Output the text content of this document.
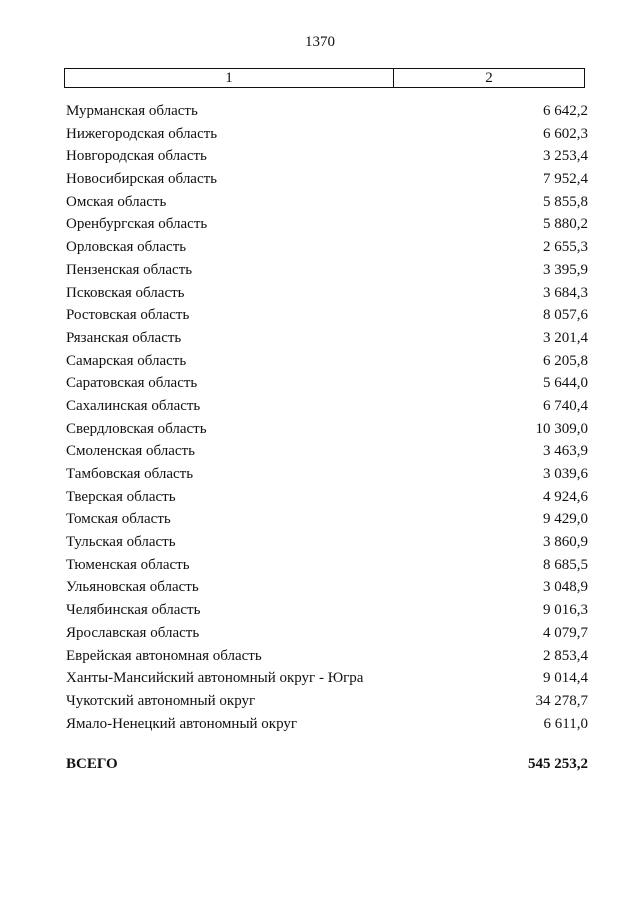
1370
1	2
Мурманская область	6 642,2
Нижегородская область	6 602,3
Новгородская область	3 253,4
Новосибирская область	7 952,4
Омская область	5 855,8
Оренбургская область	5 880,2
Орловская область	2 655,3
Пензенская область	3 395,9
Псковская область	3 684,3
Ростовская область	8 057,6
Рязанская область	3 201,4
Самарская область	6 205,8
Саратовская область	5 644,0
Сахалинская область	6 740,4
Свердловская область	10 309,0
Смоленская область	3 463,9
Тамбовская область	3 039,6
Тверская область	4 924,6
Томская область	9 429,0
Тульская область	3 860,9
Тюменская область	8 685,5
Ульяновская область	3 048,9
Челябинская область	9 016,3
Ярославская область	4 079,7
Еврейская автономная область	2 853,4
Ханты-Мансийский автономный округ - Югра	9 014,4
Чукотский автономный округ	34 278,7
Ямало-Ненецкий автономный округ	6 611,0
ВСЕГО	545 253,2
